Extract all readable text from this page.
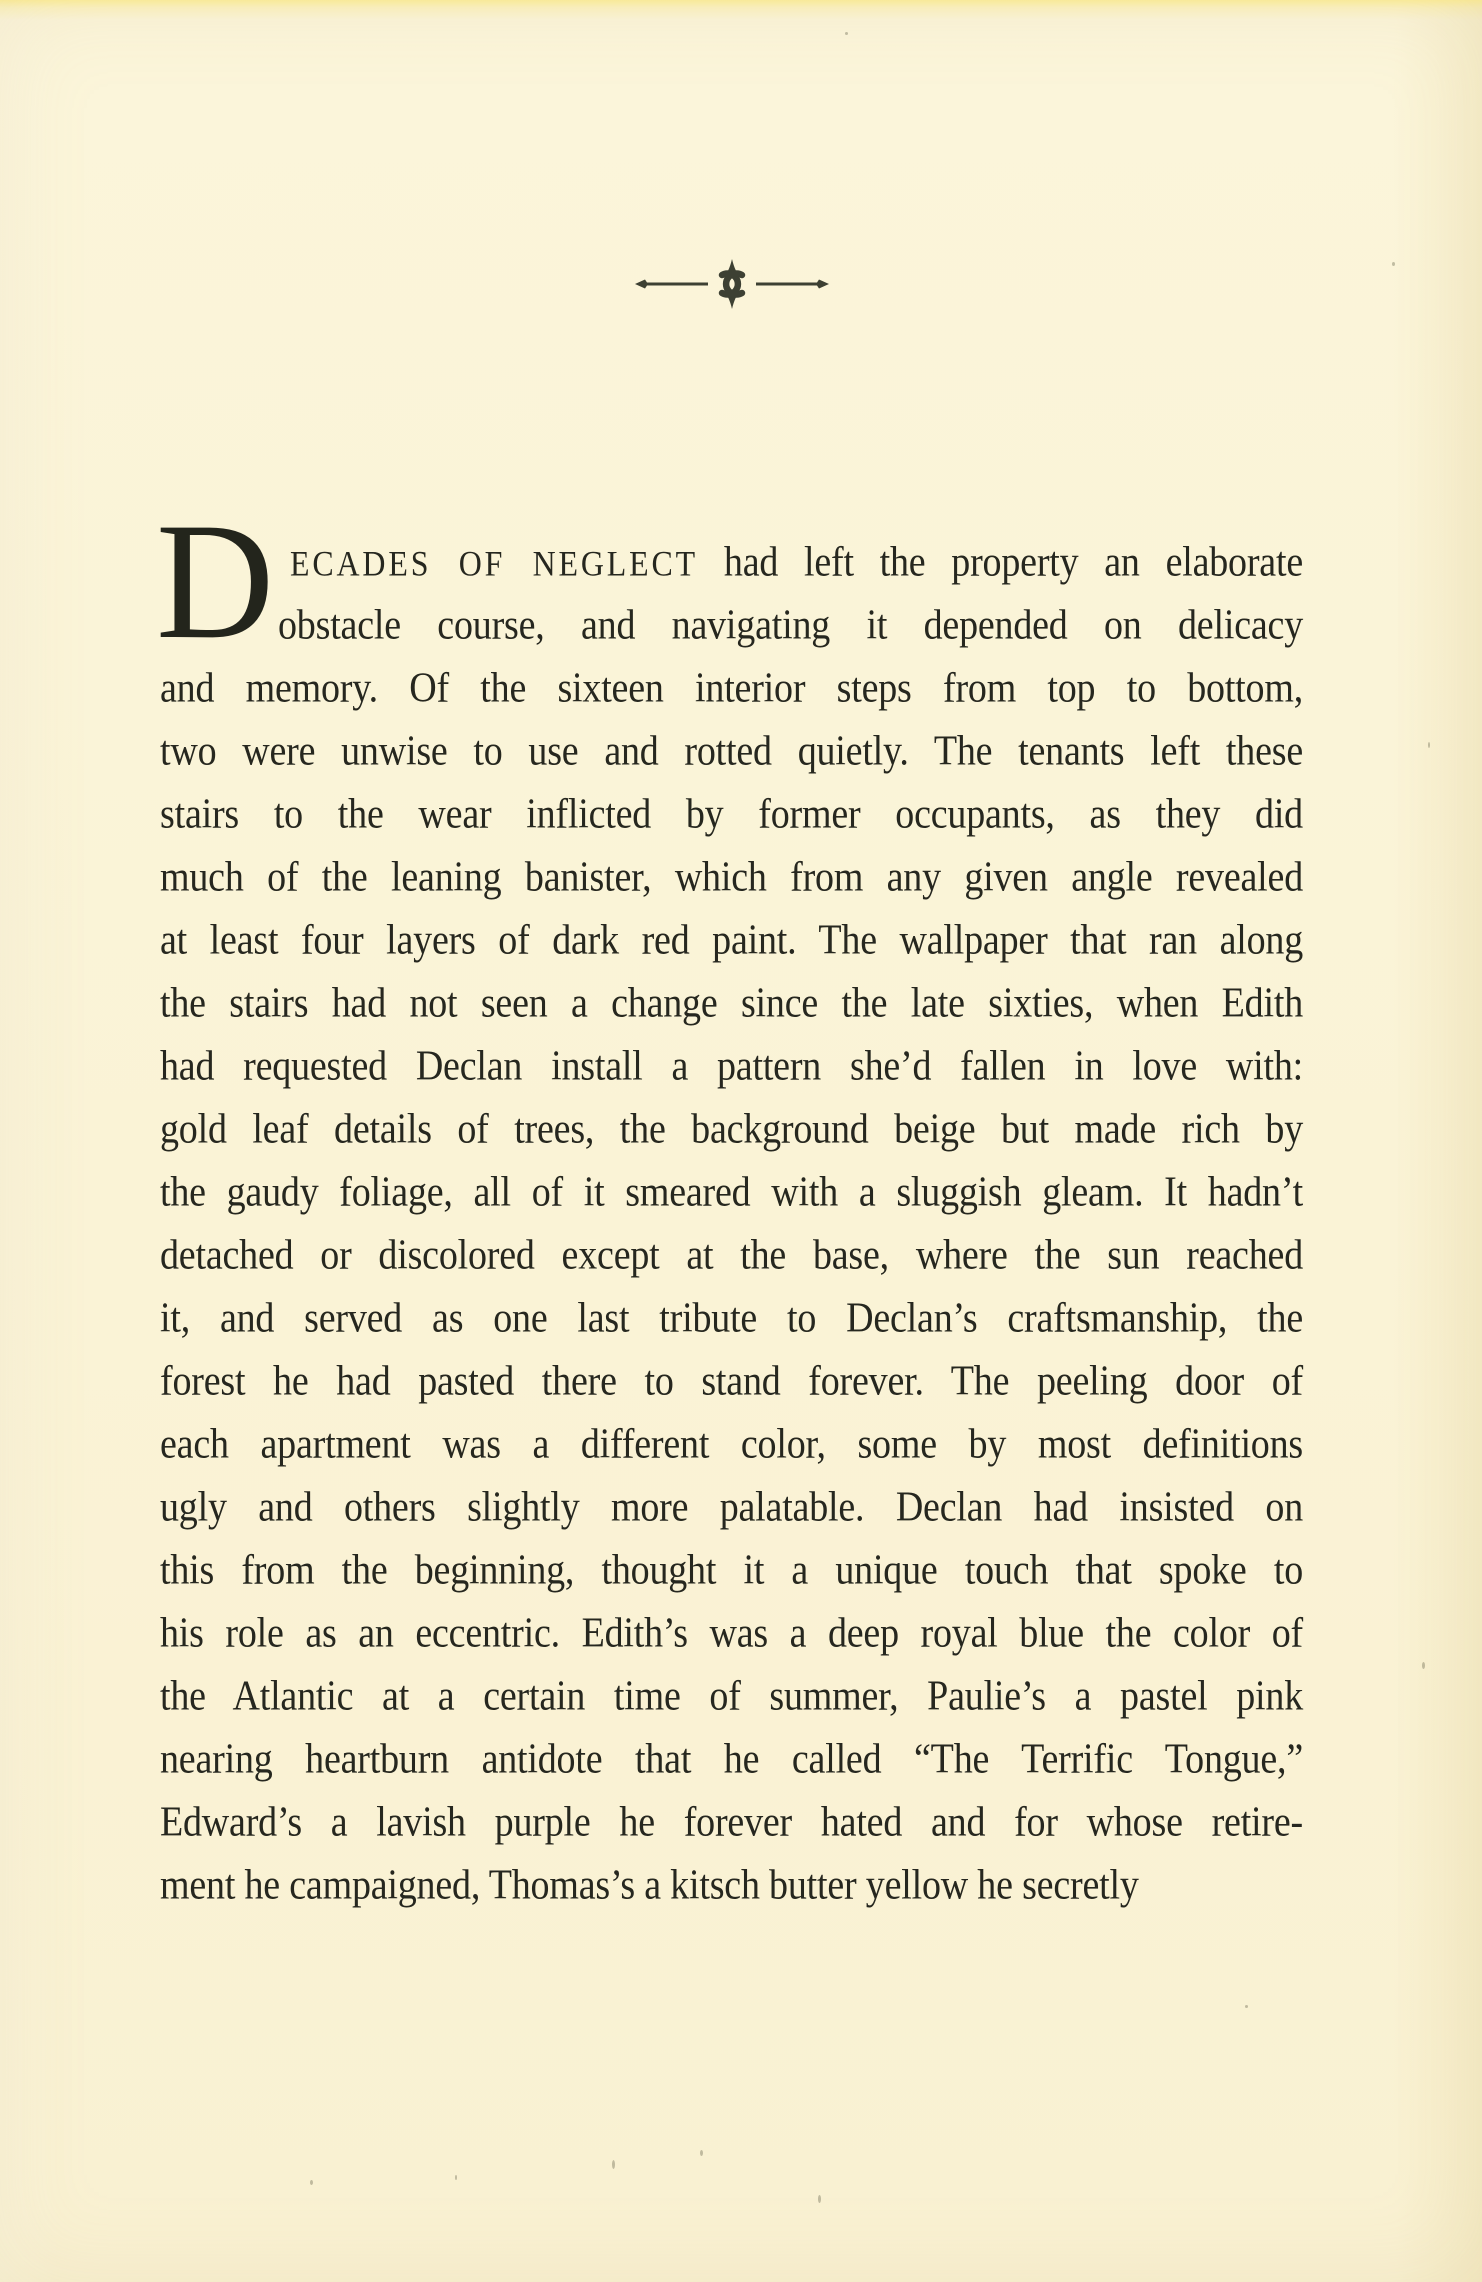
D ECADES OF NEGLECT had left the property an elaborate
obstacle course, and navigating it depended on delicacy
and memory. Of the sixteen interior steps from top to bottom,
two were unwise to use and rotted quietly. The tenants left these
stairs to the wear inflicted by former occupants, as they did
much of the leaning banister, which from any given angle revealed
at least four layers of dark red paint. The wallpaper that ran along
the stairs had not seen a change since the late sixties, when Edith
had requested Declan install a pattern she’d fallen in love with:
gold leaf details of trees, the background beige but made rich by
the gaudy foliage, all of it smeared with a sluggish gleam. It hadn’t
detached or discolored except at the base, where the sun reached
it, and served as one last tribute to Declan’s craftsmanship, the
forest he had pasted there to stand forever. The peeling door of
each apartment was a different color, some by most definitions
ugly and others slightly more palatable. Declan had insisted on
this from the beginning, thought it a unique touch that spoke to
his role as an eccentric. Edith’s was a deep royal blue the color of
the Atlantic at a certain time of summer, Paulie’s a pastel pink
nearing heartburn antidote that he called “The Terrific Tongue,”
Edward’s a lavish purple he forever hated and for whose retire-
ment he campaigned, Thomas’s a kitsch butter yellow he secretly
